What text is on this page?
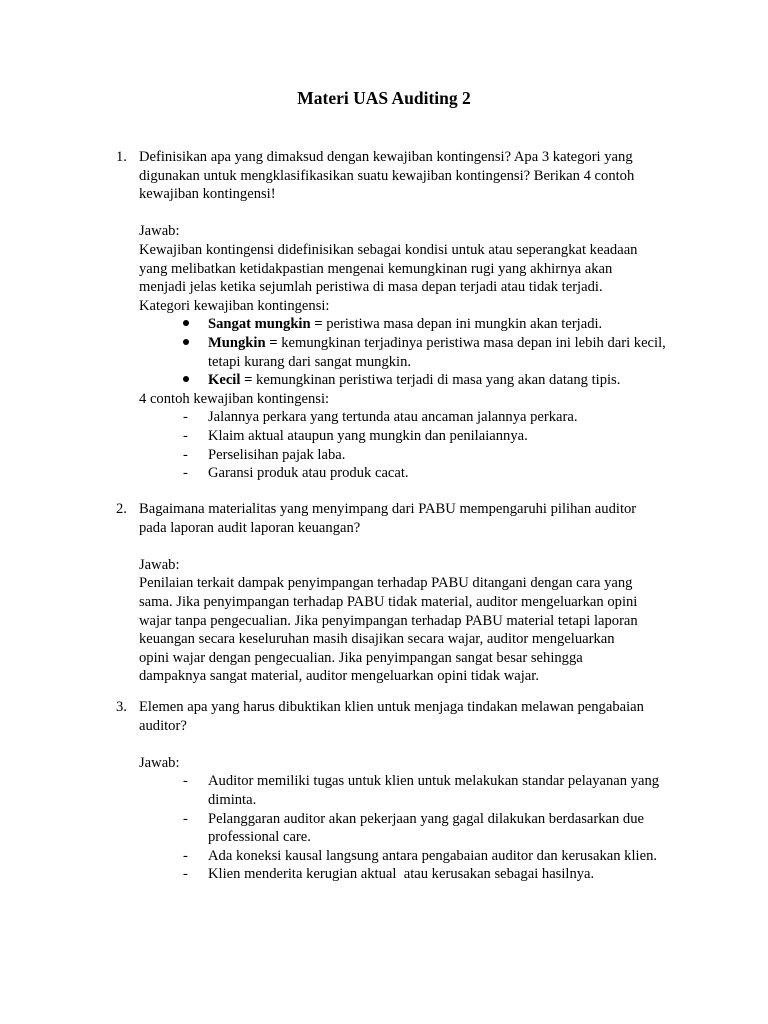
Materi UAS Auditing 2
1. Definisikan apa yang dimaksud dengan kewajiban kontingensi? Apa 3 kategori yang
digunakan untuk mengklasifikasikan suatu kewajiban kontingensi? Berikan 4 contoh
kewajiban kontingensi!
Jawab:
Kewajiban kontingensi didefinisikan sebagai kondisi untuk atau seperangkat keadaan
yang melibatkan ketidakpastian mengenai kemungkinan rugi yang akhirnya akan
menjadi jelas ketika sejumlah peristiwa di masa depan terjadi atau tidak terjadi.
Kategori kewajiban kontingensi:
Sangat mungkin = peristiwa masa depan ini mungkin akan terjadi.
Mungkin = kemungkinan terjadinya peristiwa masa depan ini lebih dari kecil,
tetapi kurang dari sangat mungkin.
Kecil = kemungkinan peristiwa terjadi di masa yang akan datang tipis.
4 contoh kewajiban kontingensi:
- Jalannya perkara yang tertunda atau ancaman jalannya perkara.
- Klaim aktual ataupun yang mungkin dan penilaiannya.
- Perselisihan pajak laba.
- Garansi produk atau produk cacat.
2. Bagaimana materialitas yang menyimpang dari PABU mempengaruhi pilihan auditor
pada laporan audit laporan keuangan?
Jawab:
Penilaian terkait dampak penyimpangan terhadap PABU ditangani dengan cara yang
sama. Jika penyimpangan terhadap PABU tidak material, auditor mengeluarkan opini
wajar tanpa pengecualian. Jika penyimpangan terhadap PABU material tetapi laporan
keuangan secara keseluruhan masih disajikan secara wajar, auditor mengeluarkan
opini wajar dengan pengecualian. Jika penyimpangan sangat besar sehingga
dampaknya sangat material, auditor mengeluarkan opini tidak wajar.
3. Elemen apa yang harus dibuktikan klien untuk menjaga tindakan melawan pengabaian
auditor?
Jawab:
- Auditor memiliki tugas untuk klien untuk melakukan standar pelayanan yang
diminta.
- Pelanggaran auditor akan pekerjaan yang gagal dilakukan berdasarkan due
professional care.
- Ada koneksi kausal langsung antara pengabaian auditor dan kerusakan klien.
- Klien menderita kerugian aktual  atau kerusakan sebagai hasilnya.
